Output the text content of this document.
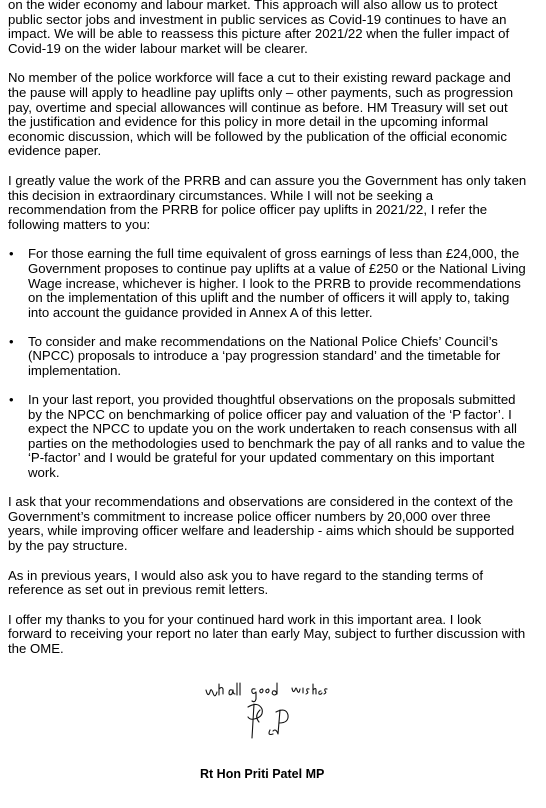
on the wider economy and labour market. This approach will also allow us to protect public sector jobs and investment in public services as Covid-19 continues to have an impact. We will be able to reassess this picture after 2021/22 when the fuller impact of Covid-19 on the wider labour market will be clearer.

No member of the police workforce will face a cut to their existing reward package and the pause will apply to headline pay uplifts only – other payments, such as progression pay, overtime and special allowances will continue as before. HM Treasury will set out the justification and evidence for this policy in more detail in the upcoming informal economic discussion, which will be followed by the publication of the official economic evidence paper.

I greatly value the work of the PRRB and can assure you the Government has only taken this decision in extraordinary circumstances. While I will not be seeking a recommendation from the PRRB for police officer pay uplifts in 2021/22, I refer the following matters to you:

• For those earning the full time equivalent of gross earnings of less than £24,000, the Government proposes to continue pay uplifts at a value of £250 or the National Living Wage increase, whichever is higher. I look to the PRRB to provide recommendations on the implementation of this uplift and the number of officers it will apply to, taking into account the guidance provided in Annex A of this letter.
• To consider and make recommendations on the National Police Chiefs’ Council’s (NPCC) proposals to introduce a ‘pay progression standard’ and the timetable for implementation.
• In your last report, you provided thoughtful observations on the proposals submitted by the NPCC on benchmarking of police officer pay and valuation of the ‘P factor’. I expect the NPCC to update you on the work undertaken to reach consensus with all parties on the methodologies used to benchmark the pay of all ranks and to value the ‘P-factor’ and I would be grateful for your updated commentary on this important work.

I ask that your recommendations and observations are considered in the context of the Government’s commitment to increase police officer numbers by 20,000 over three years, while improving officer welfare and leadership - aims which should be supported by the pay structure.

As in previous years, I would also ask you to have regard to the standing terms of reference as set out in previous remit letters.

I offer my thanks to you for your continued hard work in this important area. I look forward to receiving your report no later than early May, subject to further discussion with the OME.

Rt Hon Priti Patel MP
